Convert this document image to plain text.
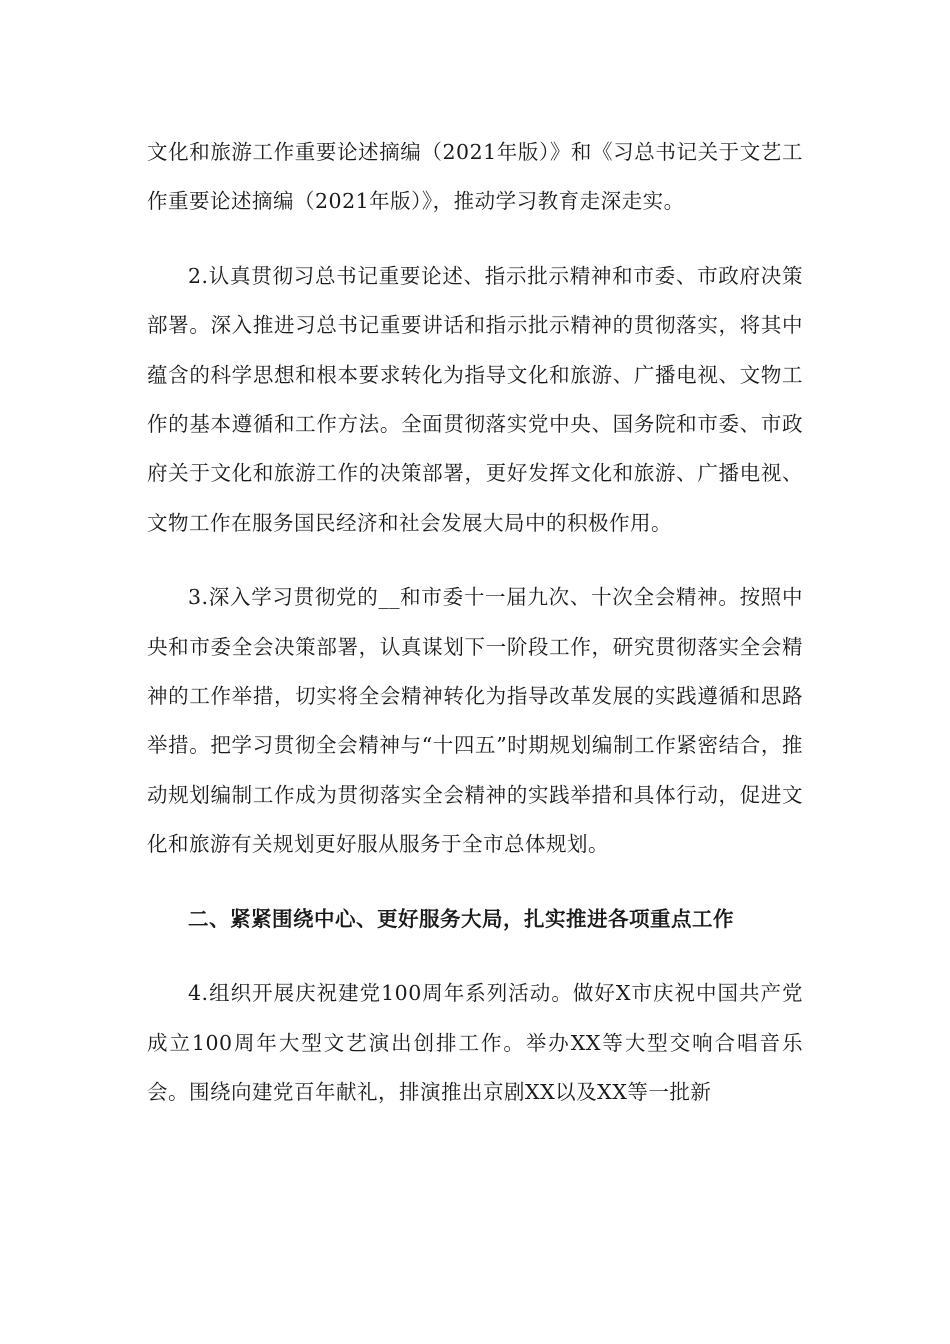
文化和旅游工作重要论述摘编（2021年版）》和《习总书记关于文艺工作重要论述摘编（2021年版）》，推动学习教育走深走实。

2.认真贯彻习总书记重要论述、指示批示精神和市委、市政府决策部署。深入推进习总书记重要讲话和指示批示精神的贯彻落实，将其中蕴含的科学思想和根本要求转化为指导文化和旅游、广播电视、文物工作的基本遵循和工作方法。全面贯彻落实党中央、国务院和市委、市政府关于文化和旅游工作的决策部署，更好发挥文化和旅游、广播电视、文物工作在服务国民经济和社会发展大局中的积极作用。

3.深入学习贯彻党的__和市委十一届九次、十次全会精神。按照中央和市委全会决策部署，认真谋划下一阶段工作，研究贯彻落实全会精神的工作举措，切实将全会精神转化为指导改革发展的实践遵循和思路举措。把学习贯彻全会精神与“十四五”时期规划编制工作紧密结合，推动规划编制工作成为贯彻落实全会精神的实践举措和具体行动，促进文化和旅游有关规划更好服从服务于全市总体规划。

二、紧紧围绕中心、更好服务大局，扎实推进各项重点工作

4.组织开展庆祝建党100周年系列活动。做好X市庆祝中国共产党成立100周年大型文艺演出创排工作。举办XX等大型交响合唱音乐会。围绕向建党百年献礼，排演推出京剧XX以及XX等一批新
